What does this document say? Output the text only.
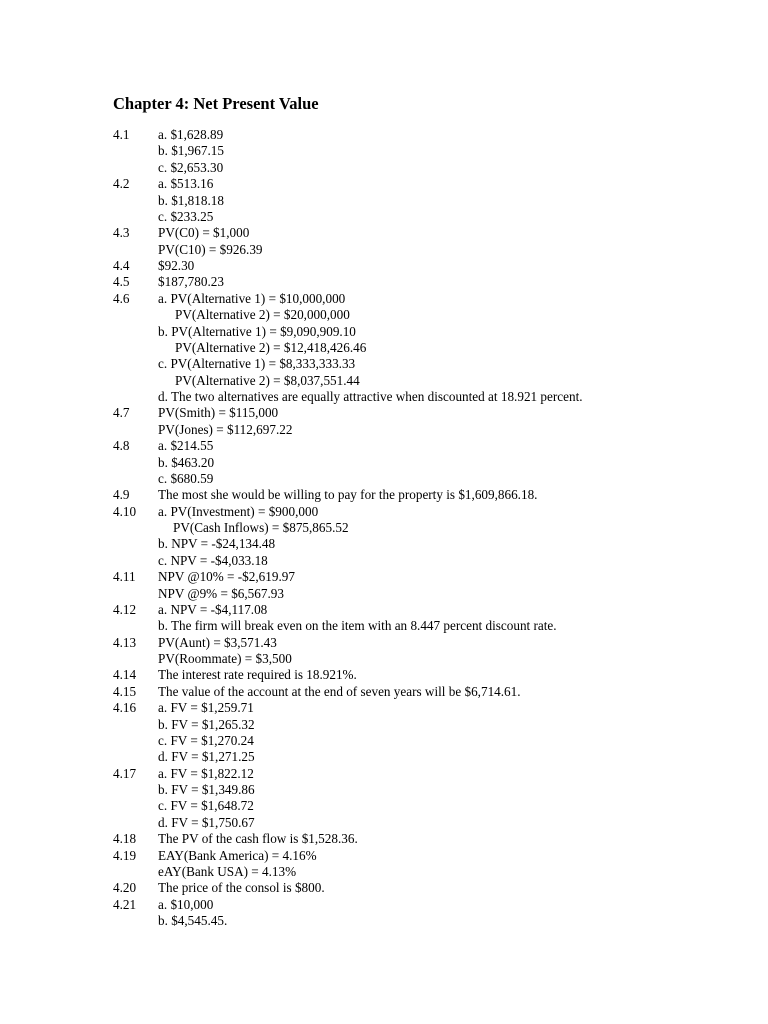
Chapter 4: Net Present Value
4.1	a. $1,628.89
b. $1,967.15
c. $2,653.30
4.2	a. $513.16
b. $1,818.18
c. $233.25
4.3	PV(C0) = $1,000
PV(C10) = $926.39
4.4	$92.30
4.5	$187,780.23
4.6	a. PV(Alternative 1) = $10,000,000
PV(Alternative 2) = $20,000,000
b. PV(Alternative 1) = $9,090,909.10
PV(Alternative 2) = $12,418,426.46
c. PV(Alternative 1) = $8,333,333.33
PV(Alternative 2) = $8,037,551.44
d. The two alternatives are equally attractive when discounted at 18.921 percent.
4.7	PV(Smith) = $115,000
PV(Jones) = $112,697.22
4.8	a. $214.55
b. $463.20
c. $680.59
4.9	The most she would be willing to pay for the property is $1,609,866.18.
4.10	a. PV(Investment) = $900,000
PV(Cash Inflows) = $875,865.52
b. NPV = -$24,134.48
c. NPV = -$4,033.18
4.11	NPV @10% = -$2,619.97
NPV @9% = $6,567.93
4.12	a. NPV = -$4,117.08
b. The firm will break even on the item with an 8.447 percent discount rate.
4.13	PV(Aunt) = $3,571.43
PV(Roommate) = $3,500
4.14	The interest rate required is 18.921%.
4.15	The value of the account at the end of seven years will be $6,714.61.
4.16	a. FV = $1,259.71
b. FV = $1,265.32
c. FV = $1,270.24
d. FV = $1,271.25
4.17	a. FV = $1,822.12
b. FV = $1,349.86
c. FV = $1,648.72
d. FV = $1,750.67
4.18	The PV of the cash flow is $1,528.36.
4.19	EAY(Bank America) = 4.16%
eAY(Bank USA) = 4.13%
4.20	The price of the consol is $800.
4.21	a. $10,000
b. $4,545.45.
